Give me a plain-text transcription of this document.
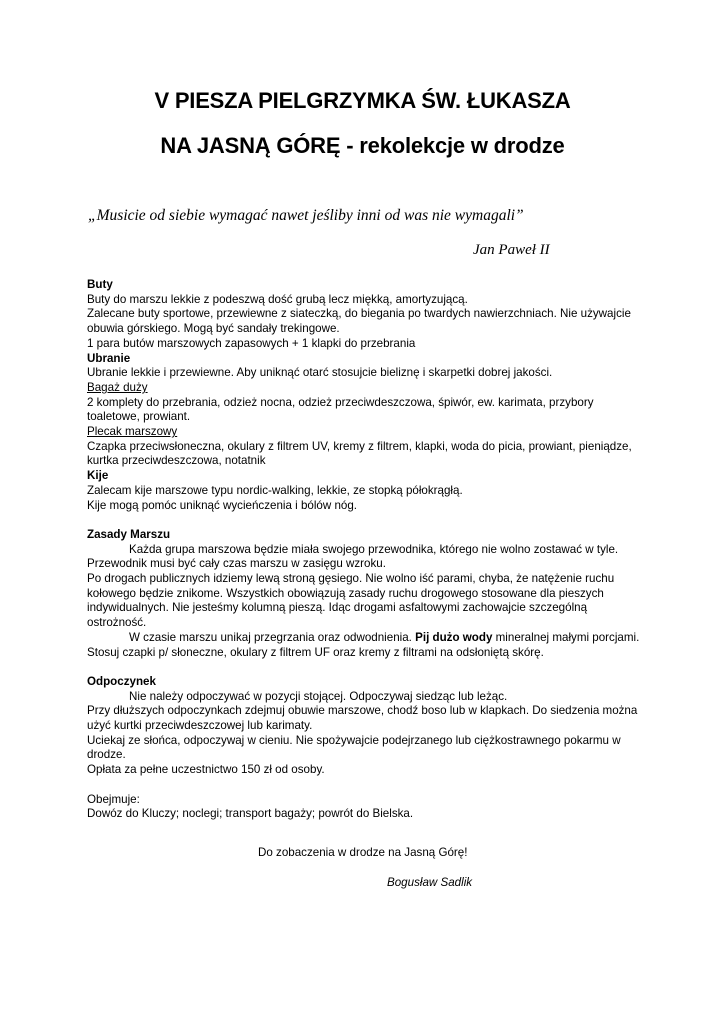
V PIESZA PIELGRZYMKA ŚW. ŁUKASZA
NA JASNĄ GÓRĘ - rekolekcje w drodze

„Musicie od siebie wymagać nawet jeśliby inni od was nie wymagali”

Jan Paweł II

Buty

Buty do marszu lekkie z podeszwą dość grubą lecz miękką, amortyzującą.

Zalecane buty sportowe, przewiewne z siateczką, do biegania po twardych nawierzchniach. Nie używajcie obuwia górskiego. Mogą być sandały trekingowe.

1 para butów marszowych zapasowych + 1 klapki do przebrania

Ubranie

Ubranie lekkie i przewiewne. Aby uniknąć otarć stosujcie bieliznę i skarpetki dobrej jakości.

Bagaż duży

2 komplety do przebrania, odzież nocna, odzież przeciwdeszczowa, śpiwór, ew. karimata, przybory toaletowe, prowiant.

Plecak marszowy

Czapka przeciwsłoneczna, okulary z filtrem UV, kremy z filtrem, klapki, woda do picia, prowiant, pieniądze, kurtka przeciwdeszczowa, notatnik

Kije

Zalecam kije marszowe typu nordic-walking, lekkie, ze stopką półokrągłą.

Kije mogą pomóc uniknąć wycieńczenia i bólów nóg.

Zasady Marszu

Każda grupa marszowa będzie miała swojego przewodnika, którego nie wolno zostawać w tyle.

Przewodnik musi być cały czas marszu w zasięgu wzroku.

Po drogach publicznych idziemy lewą stroną gęsiego. Nie wolno iść parami, chyba, że natężenie ruchu kołowego będzie znikome. Wszystkich obowiązują zasady ruchu drogowego stosowane dla pieszych indywidualnych. Nie jesteśmy kolumną pieszą. Idąc drogami asfaltowymi zachowajcie szczególną ostrożność.

W czasie marszu unikaj przegrzania oraz odwodnienia. Pij dużo wody mineralnej małymi porcjami.

Stosuj czapki p/ słoneczne, okulary z filtrem UF oraz kremy z filtrami na odsłoniętą skórę.

Odpoczynek

Nie należy odpoczywać w pozycji stojącej. Odpoczywaj siedząc lub leżąc.

Przy dłuższych odpoczynkach zdejmuj obuwie marszowe, chodź boso lub w klapkach. Do siedzenia można użyć kurtki przeciwdeszczowej lub karimaty.

Uciekaj ze słońca, odpoczywaj w cieniu. Nie spożywajcie podejrzanego lub ciężkostrawnego pokarmu w drodze.

Opłata za pełne uczestnictwo 150 zł od osoby.

Obejmuje:

Dowóz do Kluczy; noclegi; transport bagaży; powrót do Bielska.

Do zobaczenia w drodze na Jasną Górę!

Bogusław Sadlik
